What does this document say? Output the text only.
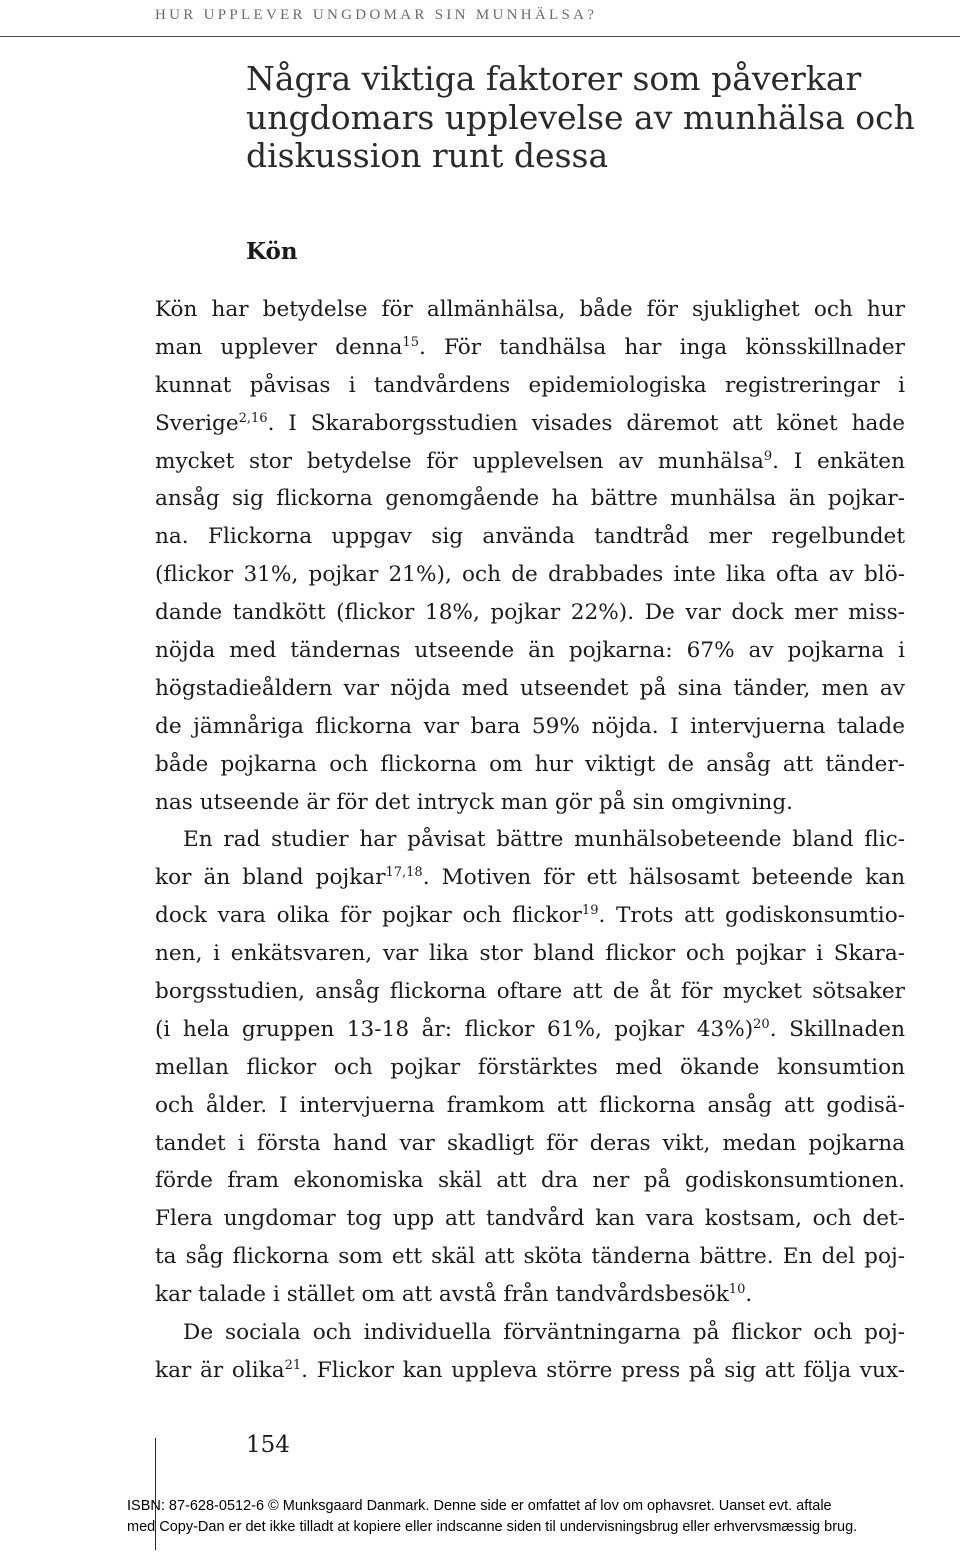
HUR UPPLEVER UNGDOMAR SIN MUNHÄLSA?
Några viktiga faktorer som påverkar
ungdomars upplevelse av munhälsa och
diskussion runt dessa
Kön
Kön har betydelse för allmänhälsa, både för sjuklighet och hur
man upplever denna$^{15}$. För tandhälsa har inga könsskillnader
kunnat påvisas i tandvårdens epidemiologiska registreringar i
Sverige$^{2,16}$. I Skaraborgsstudien visades däremot att könet hade
mycket stor betydelse för upplevelsen av munhälsa$^9$. I enkäten
ansåg sig flickorna genomgående ha bättre munhälsa än pojkar-
na. Flickorna uppgav sig använda tandtråd mer regelbundet
(flickor 31%, pojkar 21%), och de drabbades inte lika ofta av blö-
dande tandkött (flickor 18%, pojkar 22%). De var dock mer miss-
nöjda med tändernas utseende än pojkarna: 67% av pojkarna i
högstadieåldern var nöjda med utseendet på sina tänder, men av
de jämnåriga flickorna var bara 59% nöjda. I intervjuerna talade
både pojkarna och flickorna om hur viktigt de ansåg att tänder-
nas utseende är för det intryck man gör på sin omgivning.
En rad studier har påvisat bättre munhälsobeteende bland flic-
kor än bland pojkar$^{17,18}$. Motiven för ett hälsosamt beteende kan
dock vara olika för pojkar och flickor$^{19}$. Trots att godiskonsumtio-
nen, i enkätsvaren, var lika stor bland flickor och pojkar i Skara-
borgsstudien, ansåg flickorna oftare att de åt för mycket sötsaker
(i hela gruppen 13-18 år: flickor 61%, pojkar 43%)$^{20}$. Skillnaden
mellan flickor och pojkar förstärktes med ökande konsumtion
och ålder. I intervjuerna framkom att flickorna ansåg att godisä-
tandet i första hand var skadligt för deras vikt, medan pojkarna
förde fram ekonomiska skäl att dra ner på godiskonsumtionen.
Flera ungdomar tog upp att tandvård kan vara kostsam, och det-
ta såg flickorna som ett skäl att sköta tänderna bättre. En del poj-
kar talade i stället om att avstå från tandvårdsbesök$^{10}$.
De sociala och individuella förväntningarna på flickor och poj-
kar är olika$^{21}$. Flickor kan uppleva större press på sig att följa vux-
154
ISBN: 87-628-0512-6 © Munksgaard Danmark. Denne side er omfattet af lov om ophavsret. Uanset evt. aftale
med Copy-Dan er det ikke tilladt at kopiere eller indscanne siden til undervisningsbrug eller erhvervsmæssig brug.
